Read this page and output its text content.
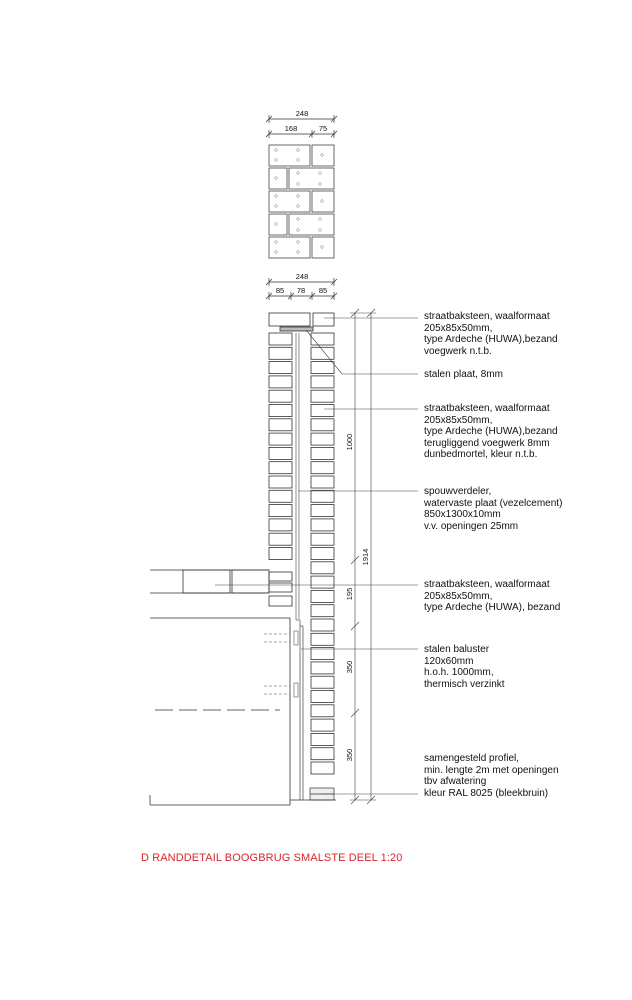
248
168	75
248
85 78 85
1000
1914
195
350
350
straatbaksteen, waalformaat
205x85x50mm,
type Ardeche (HUWA),bezand
voegwerk n.t.b.
stalen plaat, 8mm
straatbaksteen, waalformaat
205x85x50mm,
type Ardeche (HUWA),bezand
terugliggend voegwerk 8mm
dunbedmortel, kleur n.t.b.
spouwverdeler,
watervaste plaat (vezelcement)
850x1300x10mm
v.v. openingen 25mm
straatbaksteen, waalformaat
205x85x50mm,
type Ardeche (HUWA), bezand
stalen baluster
120x60mm
h.o.h. 1000mm,
thermisch verzinkt
samengesteld profiel,
min. lengte 2m met openingen
tbv afwatering
kleur RAL 8025 (bleekbruin)
D RANDDETAIL BOOGBRUG SMALSTE DEEL 1:20
